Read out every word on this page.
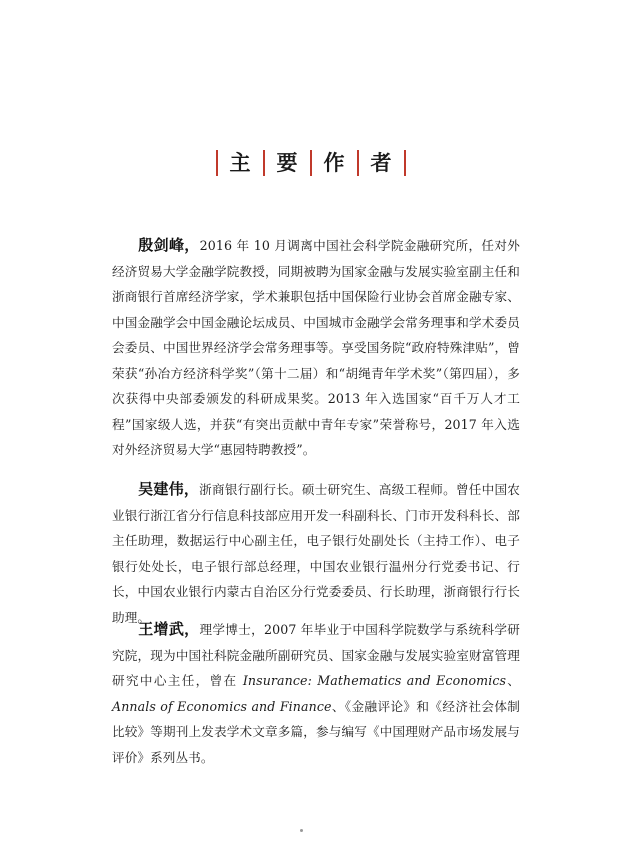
主	要	作	者
殷剑峰，2016 年 10 月调离中国社会科学院金融研究所，任对外经济贸易大学金融学院教授，同期被聘为国家金融与发展实验室副主任和浙商银行首席经济学家，学术兼职包括中国保险行业协会首席金融专家、中国金融学会中国金融论坛成员、中国城市金融学会常务理事和学术委员会委员、中国世界经济学会常务理事等。享受国务院“政府特殊津贴”，曾荣获“孙冶方经济科学奖”（第十二届）和“胡绳青年学术奖”（第四届），多次获得中央部委颁发的科研成果奖。2013 年入选国家“百千万人才工程”国家级人选，并获“有突出贡献中青年专家”荣誉称号，2017 年入选对外经济贸易大学“惠园特聘教授”。
吴建伟，浙商银行副行长。硕士研究生、高级工程师。曾任中国农业银行浙江省分行信息科技部应用开发一科副科长、门市开发科科长、部主任助理，数据运行中心副主任，电子银行处副处长（主持工作）、电子银行处处长，电子银行部总经理，中国农业银行温州分行党委书记、行长，中国农业银行内蒙古自治区分行党委委员、行长助理，浙商银行行长助理。
王增武，理学博士，2007 年毕业于中国科学院数学与系统科学研究院，现为中国社科院金融所副研究员、国家金融与发展实验室财富管理研究中心主任，曾在 Insurance: Mathematics and Economics、Annals of Economics and Finance、《金融评论》和《经济社会体制比较》等期刊上发表学术文章多篇，参与编写《中国理财产品市场发展与评价》系列丛书。
